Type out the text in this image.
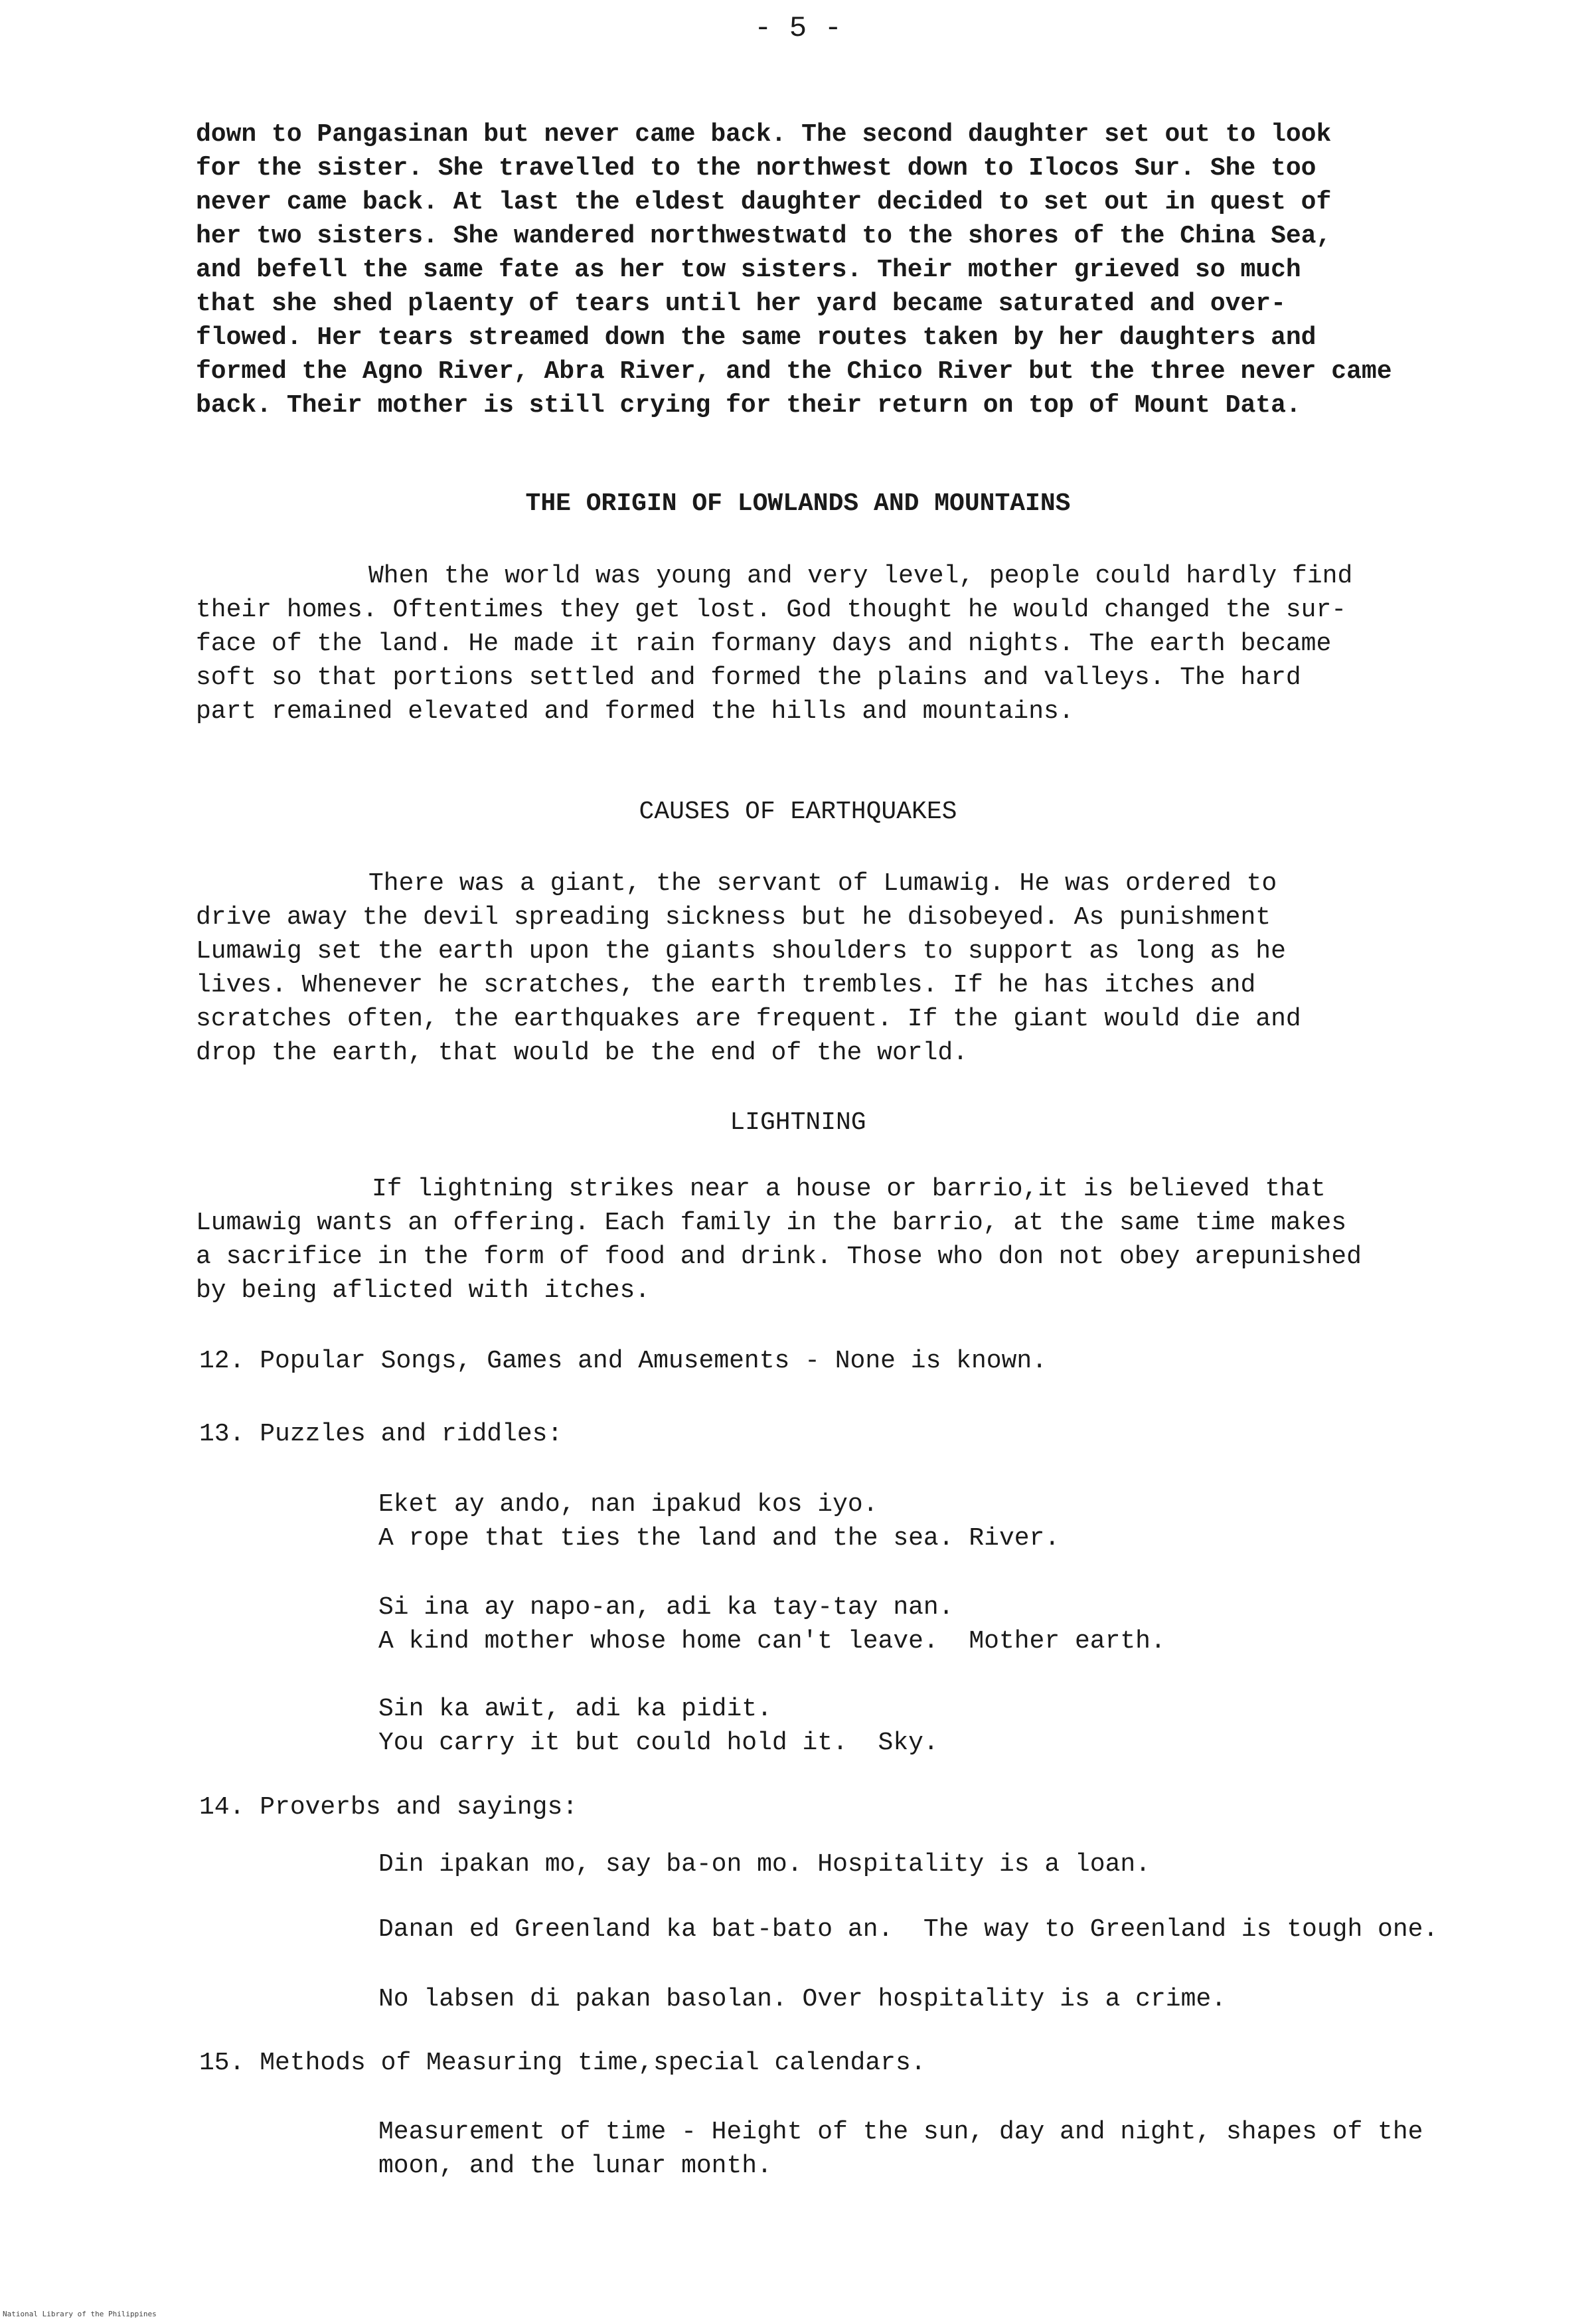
- 5 -
down to Pangasinan but never came back. The second daughter set out to look
for the sister. She travelled to the northwest down to Ilocos Sur. She too
never came back. At last the eldest daughter decided to set out in quest of
her two sisters. She wandered northwestwatd to the shores of the China Sea,
and befell the same fate as her tow sisters. Their mother grieved so much
that she shed plaenty of tears until her yard became saturated and over-
flowed. Her tears streamed down the same routes taken by her daughters and
formed the Agno River, Abra River, and the Chico River but the three never came
back. Their mother is still crying for their return on top of Mount Data.
THE ORIGIN OF LOWLANDS AND MOUNTAINS
When the world was young and very level, people could hardly find
their homes. Oftentimes they get lost. God thought he would changed the sur-
face of the land. He made it rain formany days and nights. The earth became
soft so that portions settled and formed the plains and valleys. The hard
part remained elevated and formed the hills and mountains.
CAUSES OF EARTHQUAKES
There was a giant, the servant of Lumawig. He was ordered to
drive away the devil spreading sickness but he disobeyed. As punishment
Lumawig set the earth upon the giants shoulders to support as long as he
lives. Whenever he scratches, the earth trembles. If he has itches and
scratches often, the earthquakes are frequent. If the giant would die and
drop the earth, that would be the end of the world.
LIGHTNING
If lightning strikes near a house or barrio,it is believed that
Lumawig wants an offering. Each family in the barrio, at the same time makes
a sacrifice in the form of food and drink. Those who don not obey arepunished
by being aflicted with itches.
12. Popular Songs, Games and Amusements - None is known.
13. Puzzles and riddles:
Eket ay ando, nan ipakud kos iyo.
A rope that ties the land and the sea. River.
Si ina ay napo-an, adi ka tay-tay nan.
A kind mother whose home can't leave.  Mother earth.
Sin ka awit, adi ka pidit.
You carry it but could hold it.  Sky.
14. Proverbs and sayings:
Din ipakan mo, say ba-on mo. Hospitality is a loan.
Danan ed Greenland ka bat-bato an.  The way to Greenland is tough one.
No labsen di pakan basolan. Over hospitality is a crime.
15. Methods of Measuring time,special calendars.
Measurement of time - Height of the sun, day and night, shapes of the
moon, and the lunar month.
National Library of the Philippines
